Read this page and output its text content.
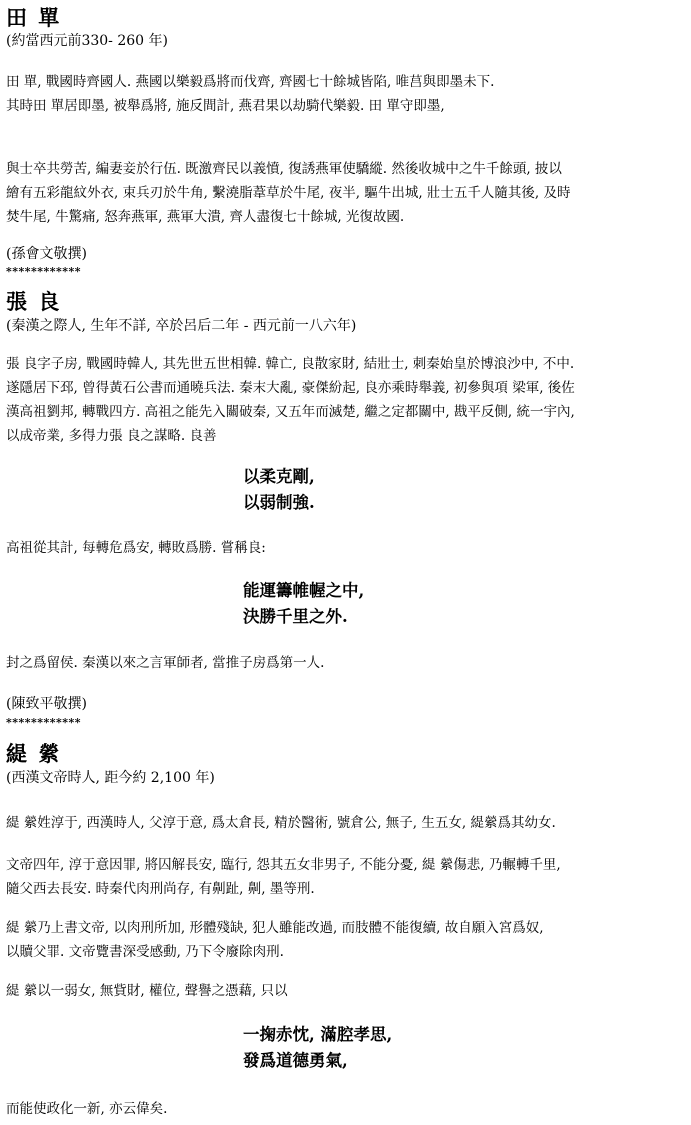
田 單
(約當西元前330- 260 年)
田 單, 戰國時齊國人. 燕國以樂毅爲將而伐齊, 齊國七十餘城皆陷, 唯莒與即墨未下.
其時田 單居即墨, 被舉爲將, 施反間計, 燕君果以劫騎代樂毅. 田 單守即墨,
與士卒共勞苦, 編妻妾於行伍. 既激齊民以義憤, 復誘燕軍使驕縱. 然後收城中之牛千餘頭, 披以
繪有五彩龍紋外衣, 束兵刃於牛角, 繫澆脂葦草於牛尾, 夜半, 驅牛出城, 壯士五千人隨其後, 及時
焚牛尾, 牛驚痛, 怒奔燕軍, 燕軍大潰, 齊人盡復七十餘城, 光復故國.
(孫會文敬撰)
************
張 良
(秦漢之際人, 生年不詳, 卒於呂后二年 - 西元前一八六年)
張 良字子房, 戰國時韓人, 其先世五世相韓. 韓亡, 良散家財, 結壯士, 刺秦始皇於博浪沙中, 不中.
遂隱居下邳, 曾得黃石公書而通曉兵法. 秦末大亂, 豪傑紛起, 良亦乘時舉義, 初參與項 梁軍, 後佐
漢高祖劉邦, 轉戰四方. 高祖之能先入關破秦, 又五年而滅楚, 繼之定都關中, 戡平反側, 統一宇內,
以成帝業, 多得力張 良之謀略. 良善
以柔克剛,
以弱制強.
高祖從其計, 每轉危爲安, 轉敗爲勝. 嘗稱良:
能運籌帷幄之中,
決勝千里之外.
封之爲留侯. 秦漢以來之言軍師者, 當推子房爲第一人.
(陳致平敬撰)
************
緹 縈
(西漢文帝時人, 距今約 2,100 年)
緹 縈姓淳于, 西漢時人, 父淳于意, 爲太倉長, 精於醫術, 號倉公, 無子, 生五女, 緹縈爲其幼女.
文帝四年, 淳于意因罪, 將囚解長安, 臨行, 怨其五女非男子, 不能分憂, 緹 縈傷悲, 乃輾轉千里,
隨父西去長安. 時秦代肉刑尚存, 有劓趾, 劓, 墨等刑.
緹 縈乃上書文帝, 以肉刑所加, 形體殘缺, 犯人雖能改過, 而肢體不能復續, 故自願入宮爲奴,
以贖父罪. 文帝覽書深受感動, 乃下令廢除肉刑.
緹 縈以一弱女, 無貲財, 權位, 聲譽之憑藉, 只以
一掬赤忱, 滿腔孝思,
發爲道德勇氣,
而能使政化一新, 亦云偉矣.
